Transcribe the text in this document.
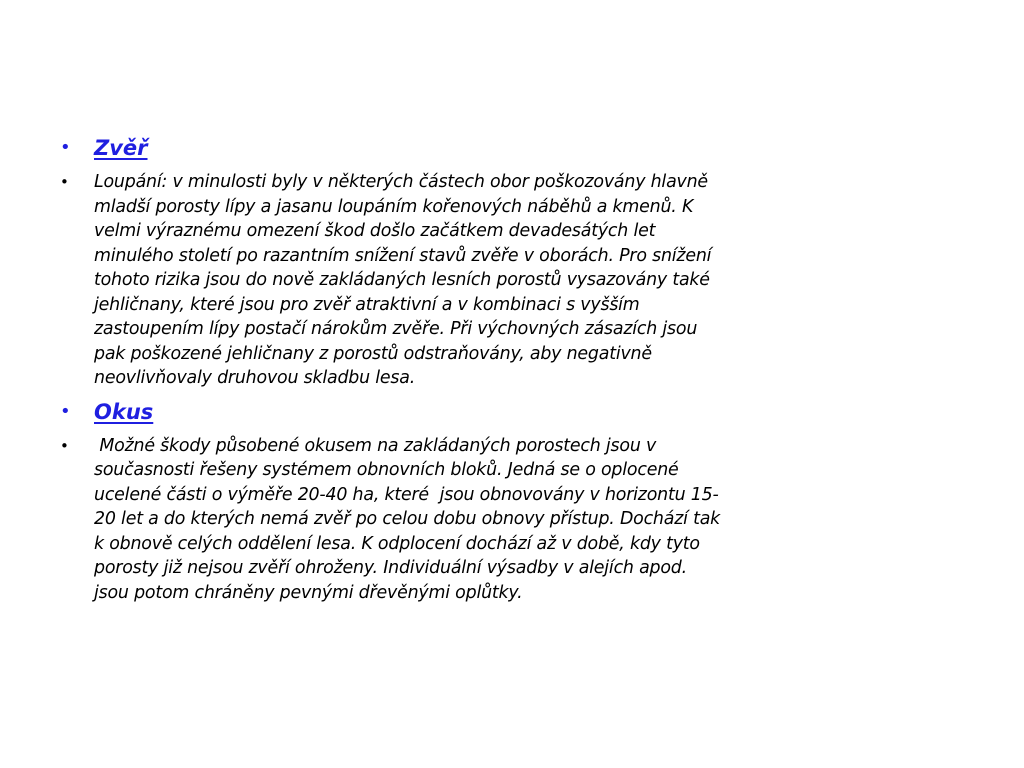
• Zvěř
• Loupání: v minulosti byly v některých částech obor poškozovány hlavně
mladší porosty lípy a jasanu loupáním kořenových náběhů a kmenů. K
velmi výraznému omezení škod došlo začátkem devadesátých let
minulého století po razantním snížení stavů zvěře v oborách. Pro snížení
tohoto rizika jsou do nově zakládaných lesních porostů vysazovány také
jehličnany, které jsou pro zvěř atraktivní a v kombinaci s vyšším
zastoupením lípy postačí nárokům zvěře. Při výchovných zásazích jsou
pak poškozené jehličnany z porostů odstraňovány, aby negativně
neovlivňovaly druhovou skladbu lesa.
• Okus
• Možné škody působené okusem na zakládaných porostech jsou v
současnosti řešeny systémem obnovních bloků. Jedná se o oplocené
ucelené části o výměře 20-40 ha, které  jsou obnovovány v horizontu 15-
20 let a do kterých nemá zvěř po celou dobu obnovy přístup. Dochází tak
k obnově celých oddělení lesa. K odplocení dochází až v době, kdy tyto
porosty již nejsou zvěří ohroženy. Individuální výsadby v alejích apod.
jsou potom chráněny pevnými dřevěnými oplůtky.
